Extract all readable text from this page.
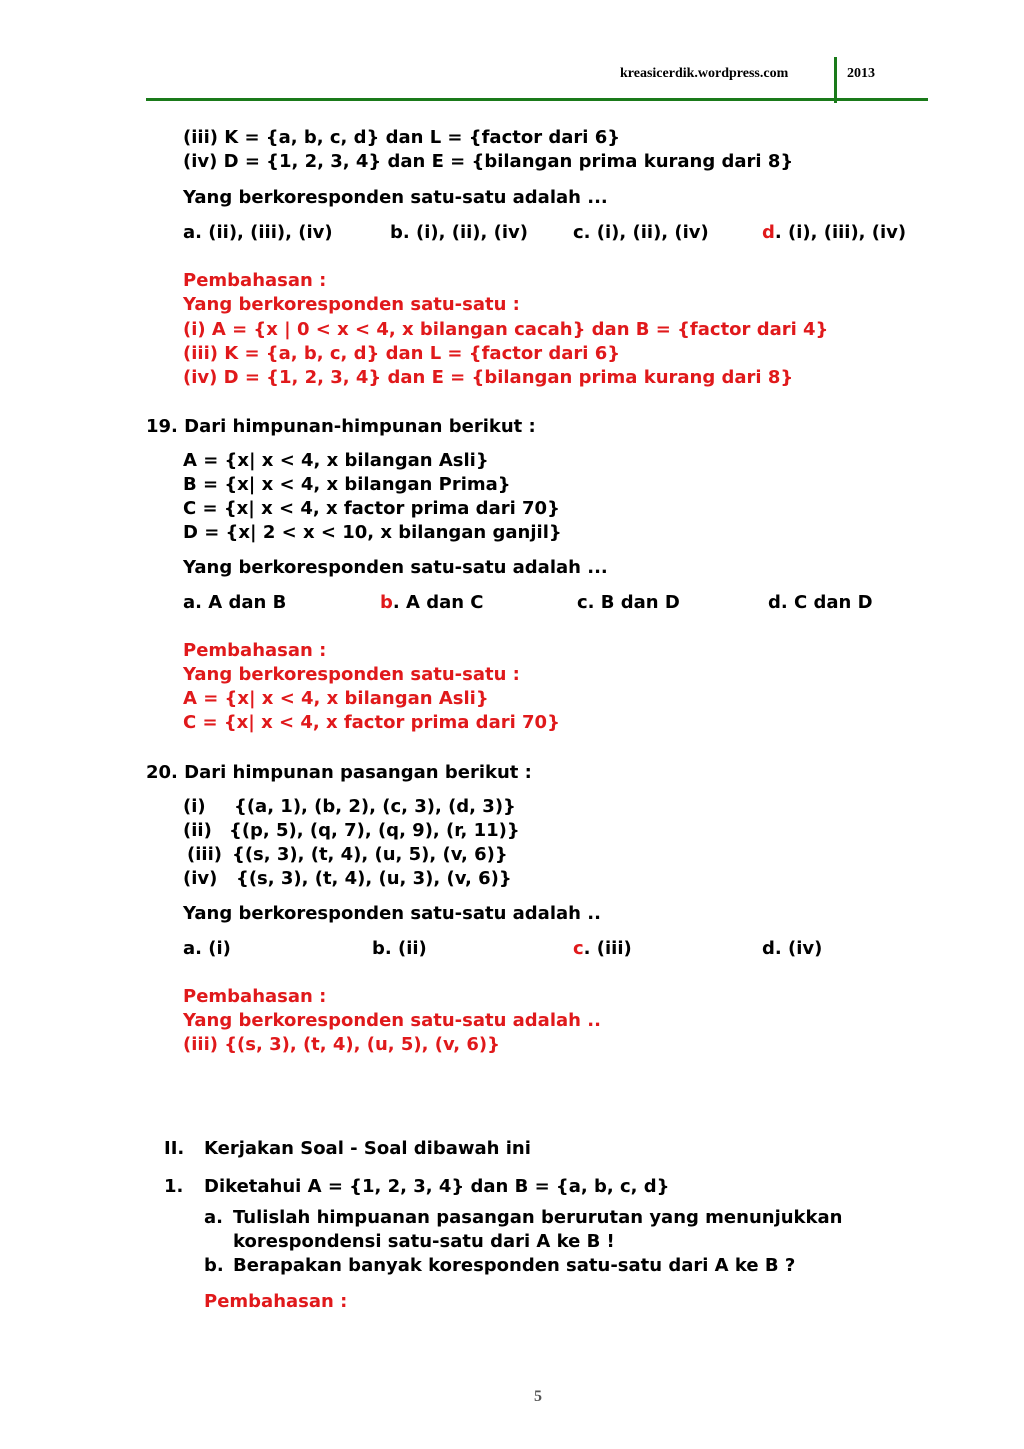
kreasicerdik.wordpress.com	2013
(iii) K = {a, b, c, d} dan L = {factor dari 6}
(iv) D = {1, 2, 3, 4} dan E = {bilangan prima kurang dari 8}
Yang berkoresponden satu-satu adalah ...
a. (ii), (iii), (iv)	b. (i), (ii), (iv)	c. (i), (ii), (iv)	d. (i), (iii), (iv)
Pembahasan :
Yang berkoresponden satu-satu :
(i) A = {x | 0 < x < 4, x bilangan cacah} dan B = {factor dari 4}
(iii) K = {a, b, c, d} dan L = {factor dari 6}
(iv) D = {1, 2, 3, 4} dan E = {bilangan prima kurang dari 8}
19. Dari himpunan-himpunan berikut :
A = {x| x < 4, x bilangan Asli}
B = {x| x < 4, x bilangan Prima}
C = {x| x < 4, x factor prima dari 70}
D = {x| 2 < x < 10, x bilangan ganjil}
Yang berkoresponden satu-satu adalah ...
a. A dan B	b. A dan C	c. B dan D	d. C dan D
Pembahasan :
Yang berkoresponden satu-satu :
A = {x| x < 4, x bilangan Asli}
C = {x| x < 4, x factor prima dari 70}
20. Dari himpunan pasangan berikut :
(i) {(a, 1), (b, 2), (c, 3), (d, 3)}
(ii) {(p, 5), (q, 7), (q, 9), (r, 11)}
(iii) {(s, 3), (t, 4), (u, 5), (v, 6)}
(iv) {(s, 3), (t, 4), (u, 3), (v, 6)}
Yang berkoresponden satu-satu adalah ..
a. (i)	b. (ii)	c. (iii)	d. (iv)
Pembahasan :
Yang berkoresponden satu-satu adalah ..
(iii) {(s, 3), (t, 4), (u, 5), (v, 6)}
II. Kerjakan Soal - Soal dibawah ini
1. Diketahui A = {1, 2, 3, 4} dan B = {a, b, c, d}
a. Tulislah himpuanan pasangan berurutan yang menunjukkan
korespondensi satu-satu dari A ke B !
b. Berapakan banyak koresponden satu-satu dari A ke B ?
Pembahasan :
5
